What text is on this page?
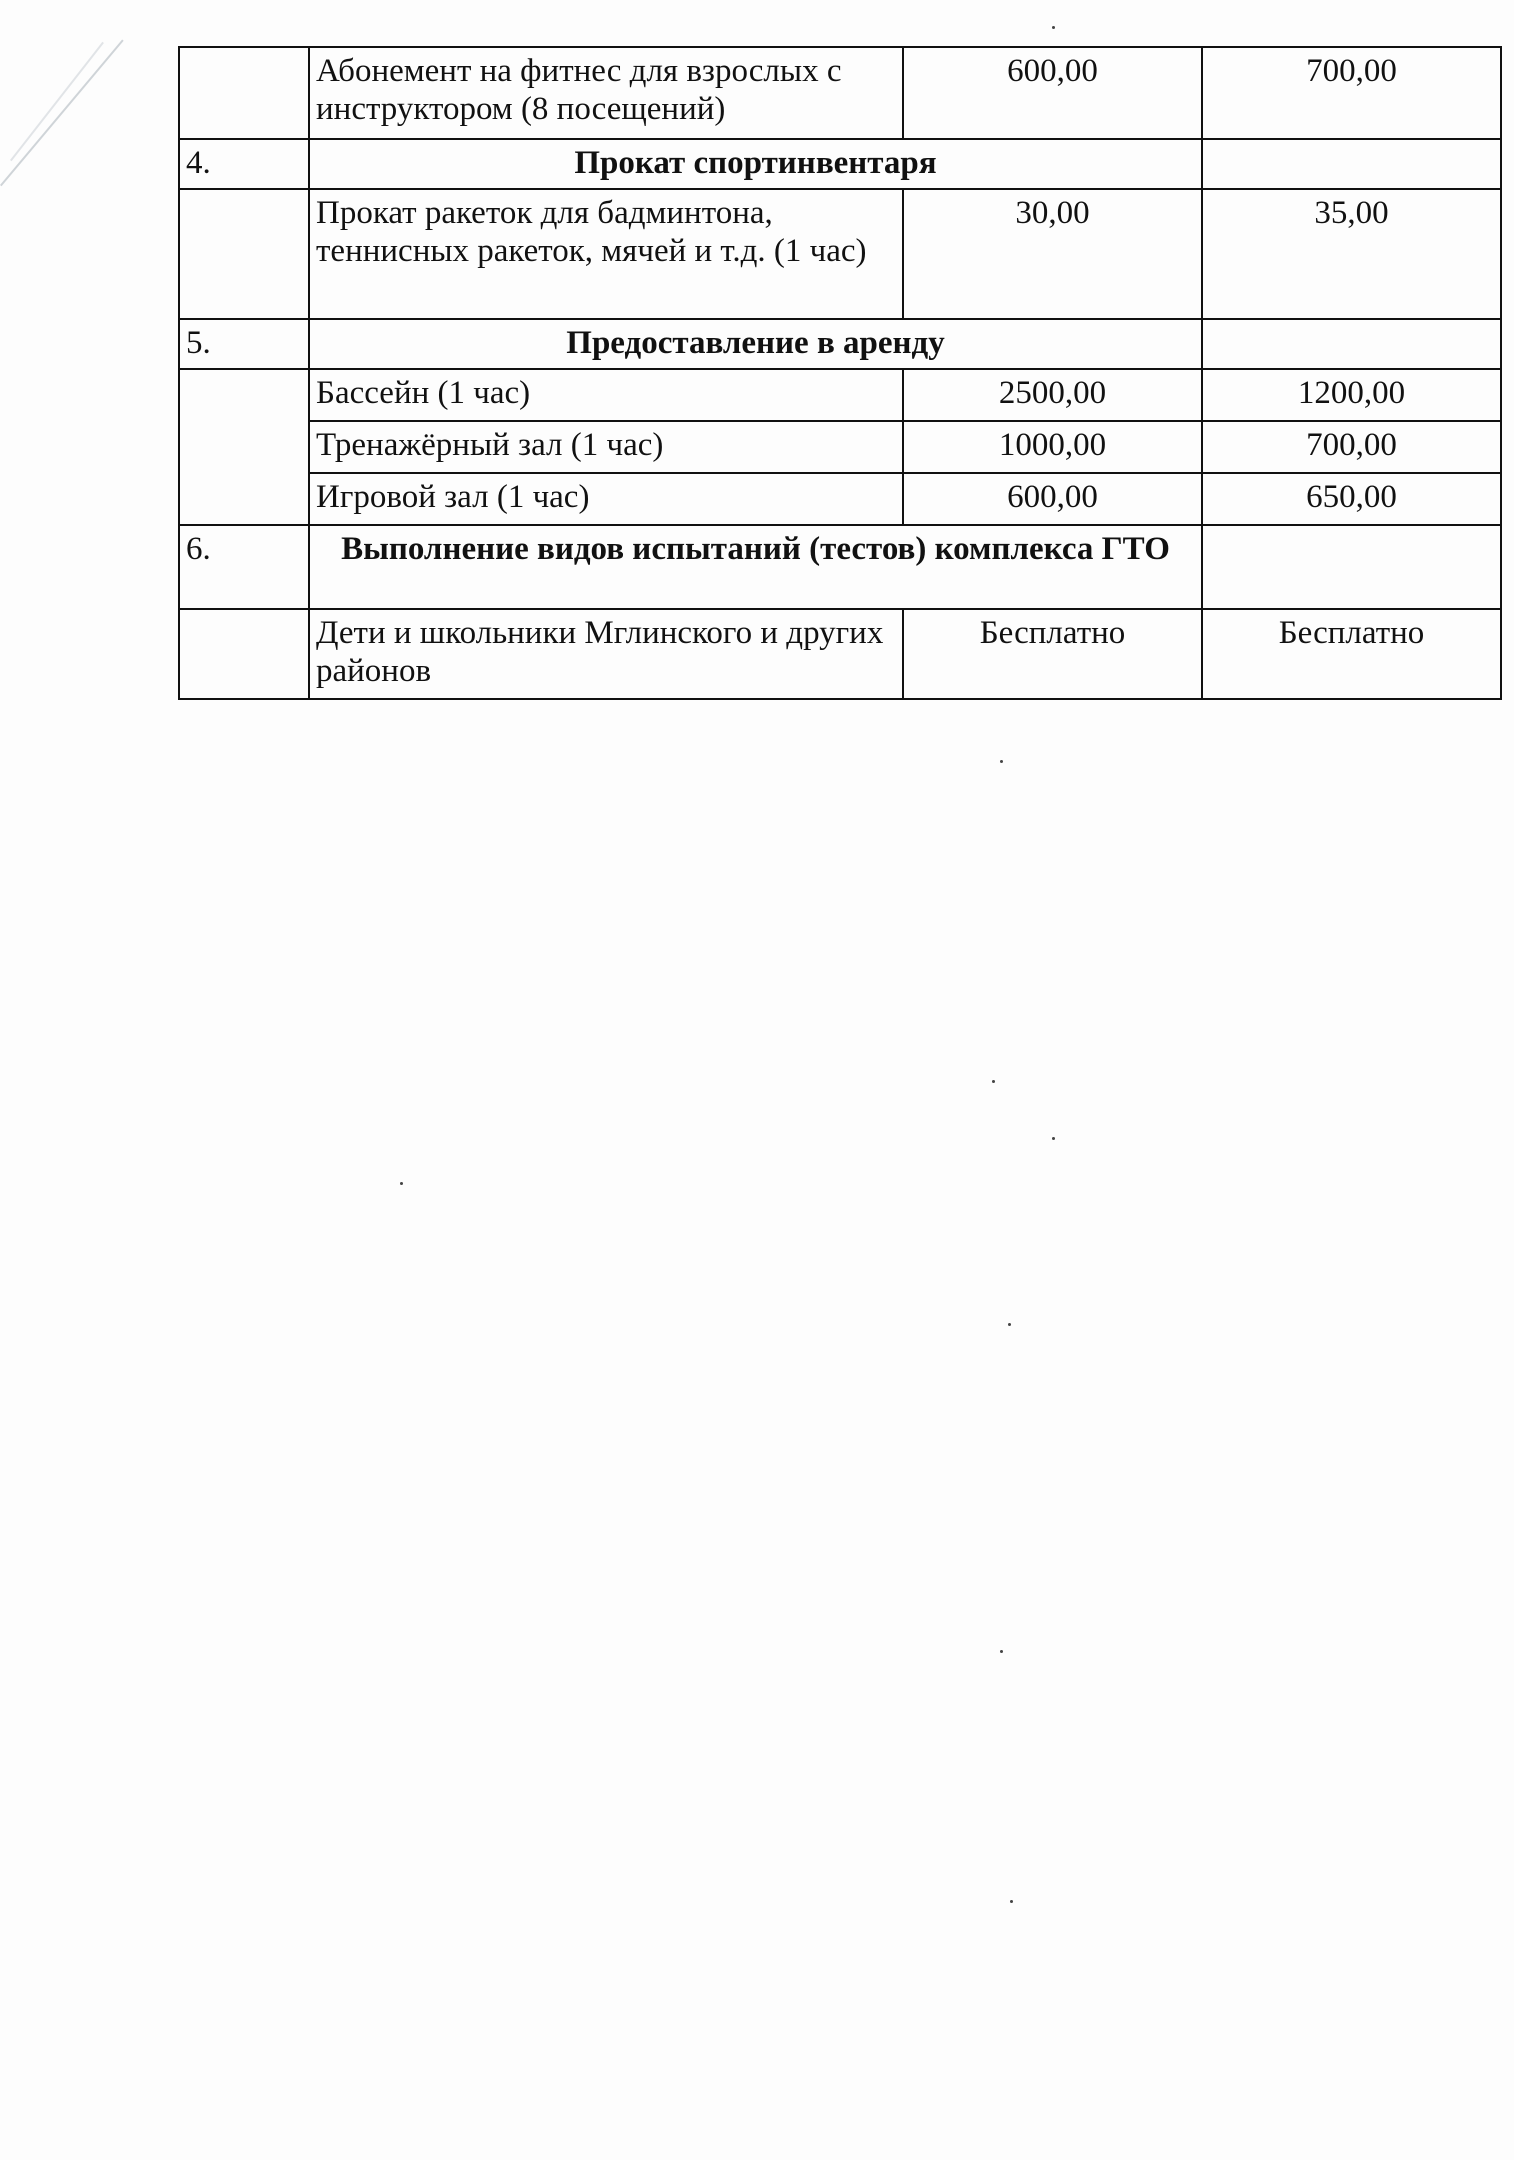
	Абонемент на фитнес для взрослых с инструктором (8 посещений)	600,00	700,00
4.	Прокат спортинвентаря		
	Прокат ракеток для бадминтона, теннисных ракеток, мячей и т.д. (1 час)	30,00	35,00
5.	Предоставление в аренду		
	Бассейн (1 час)	2500,00	1200,00
	Тренажёрный зал (1 час)	1000,00	700,00
	Игровой зал (1 час)	600,00	650,00
6.	Выполнение видов испытаний (тестов) комплекса ГТО		
	Дети и школьники Мглинского и других районов	Бесплатно	Бесплатно
